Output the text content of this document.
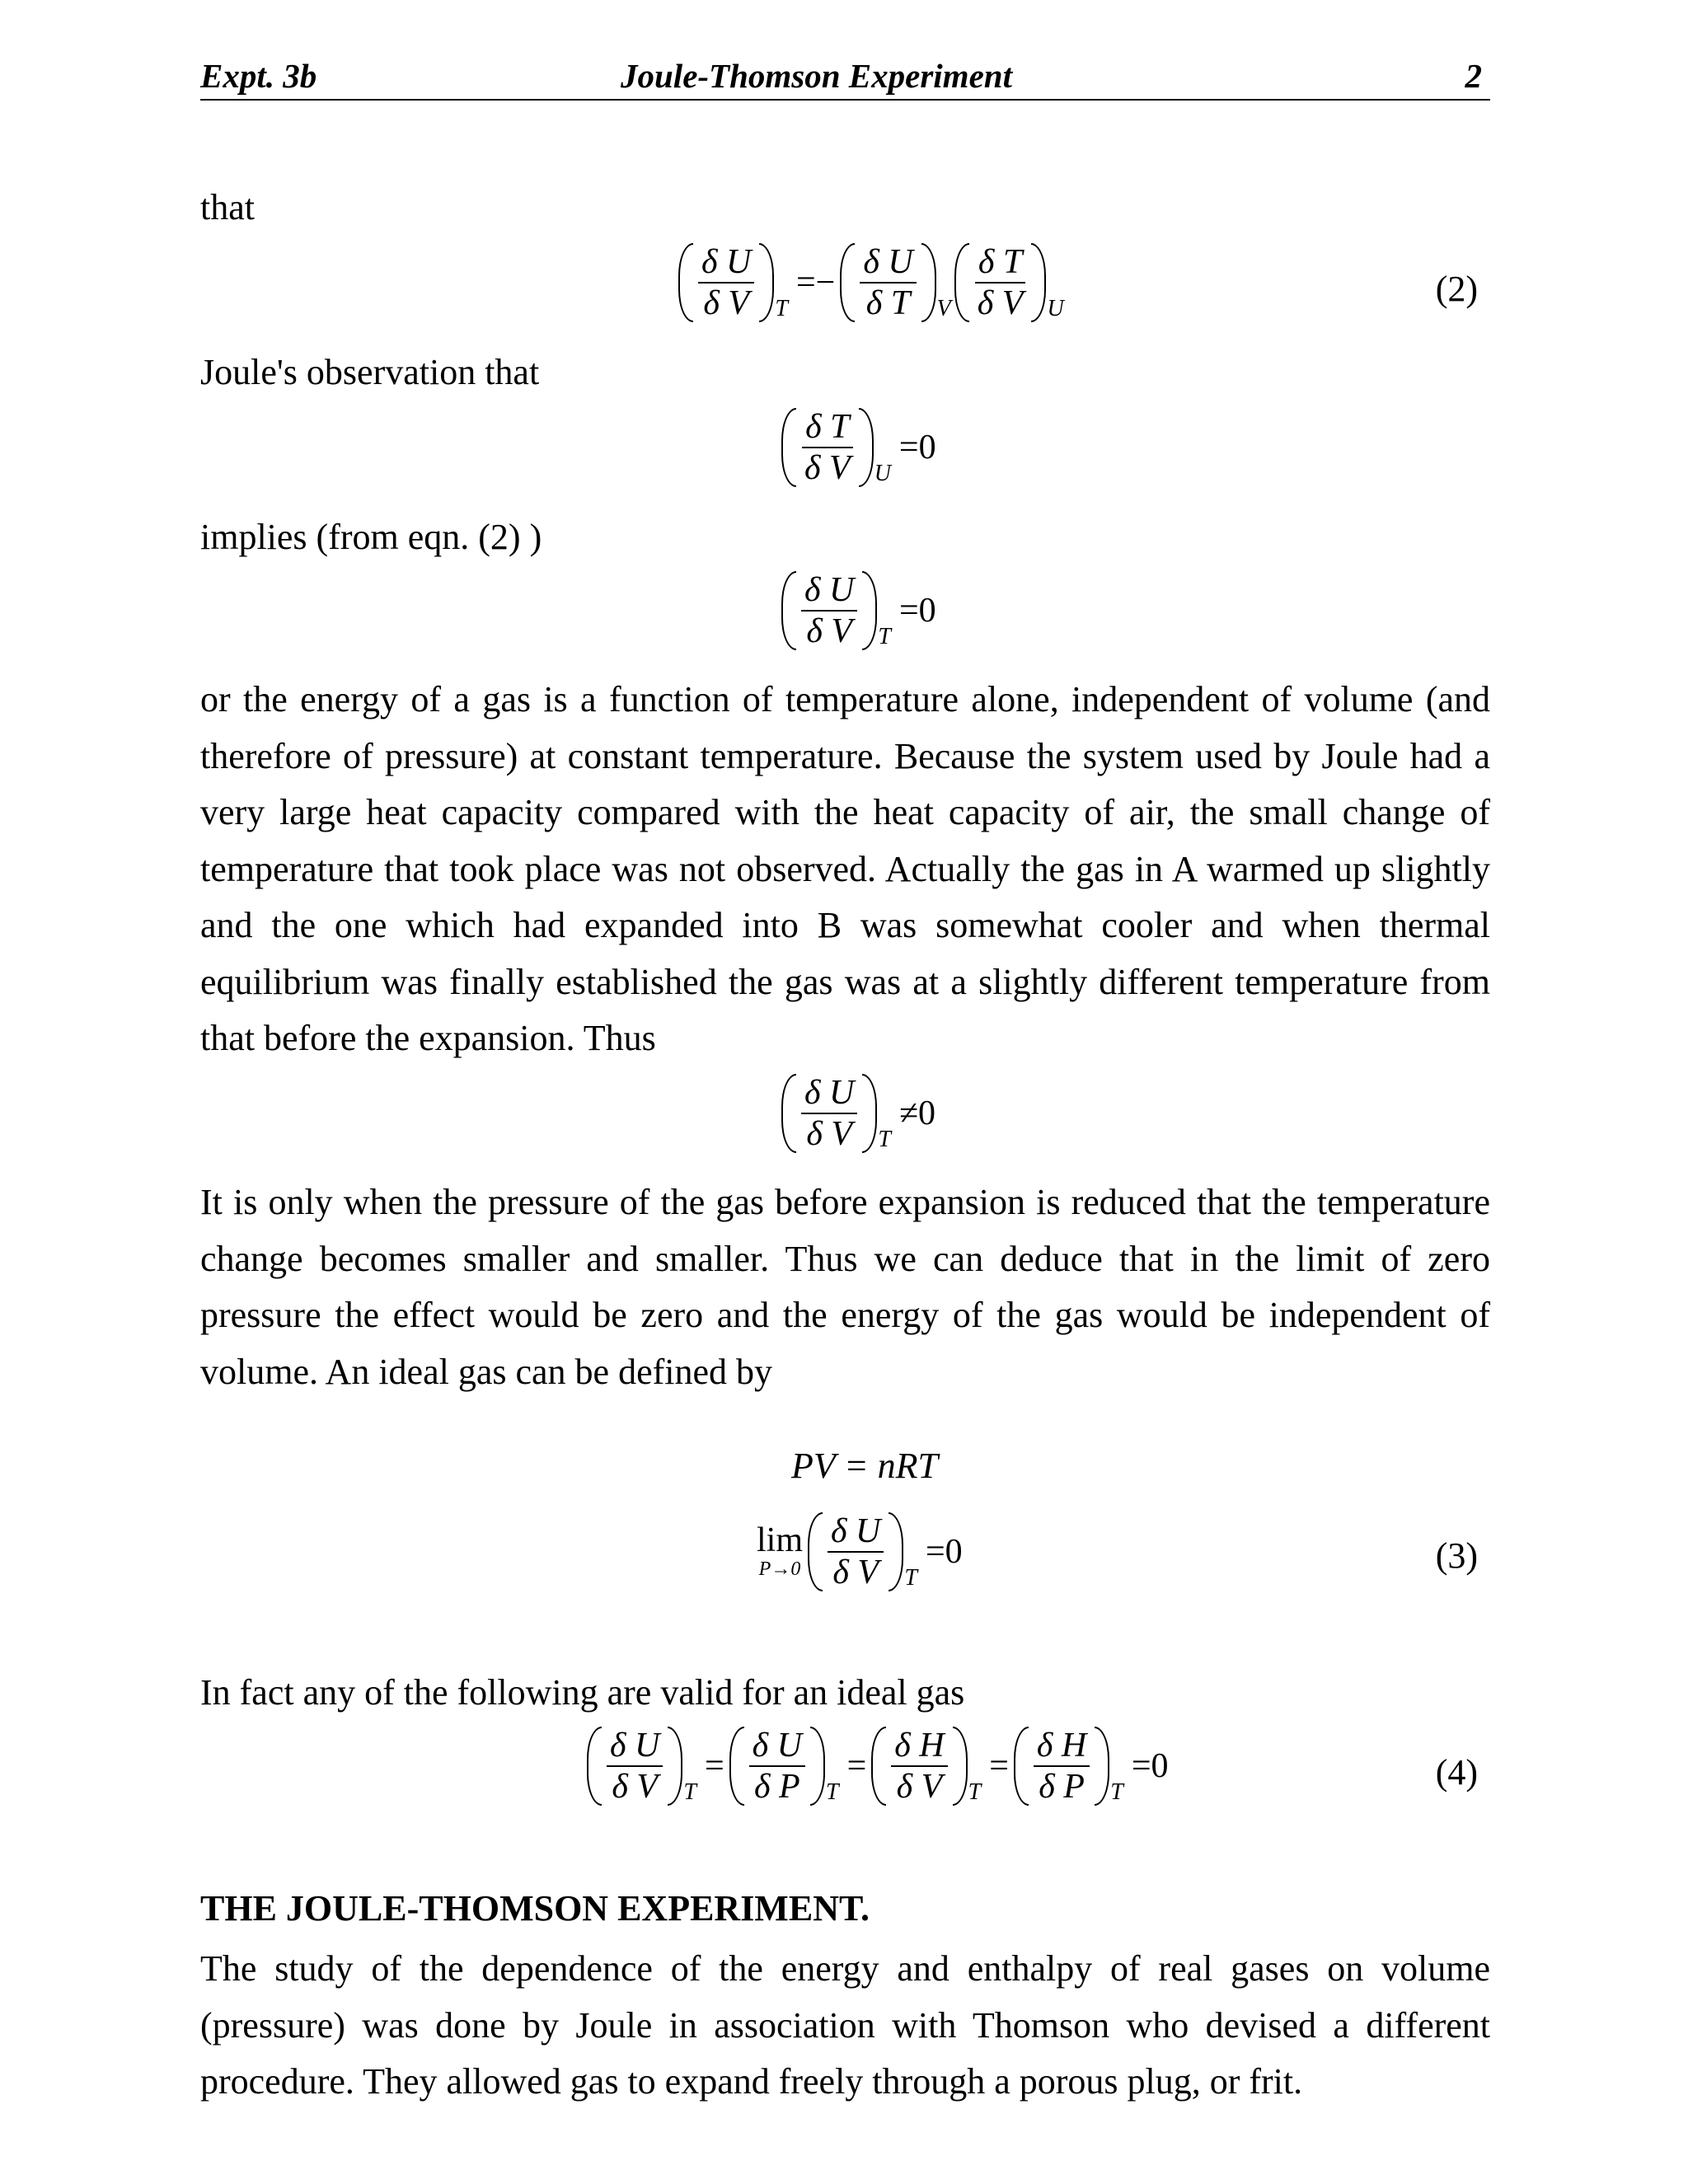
Expt. 3b	Joule-Thomson Experiment	2
that
$\frac{\text{δ U}}{\text{δ V}}$ T
=− $\frac{\text{δ U}}{\text{δ T}}$ V $\frac{\text{δ T}}{\text{δ V}}$ U	(2)
Joule's observation that
$\frac{\text{δ T}}{\text{δ V}}$ U
=0
implies (from eqn. (2) )
$\frac{\text{δ U}}{\text{δ V}}$ T
=0
or the energy of a gas is a function of temperature alone, independent of volume (and therefore of pressure) at constant temperature. Because the system used by Joule had a very large heat capacity compared with the heat capacity of air, the small change of temperature that took place was not observed. Actually the gas in A warmed up slightly and the one which had expanded into B was somewhat cooler and when thermal equilibrium was finally established the gas was at a slightly different temperature from that before the expansion. Thus
$\frac{\text{δ U}}{\text{δ V}}$ T
≠0
It is only when the pressure of the gas before expansion is reduced that the temperature change becomes smaller and smaller. Thus we can deduce that in the limit of zero pressure the effect would be zero and the energy of the gas would be independent of volume. An ideal gas can be defined by
PV = nRT
lim
$P\to 0 \frac{\text{δ U}}{\text{δ V}}$ T
=0	(3)
In fact any of the following are valid for an ideal gas
$\frac{\text{δ U}}{\text{δ V}}$ T
= $\frac{\text{δ U}}{\text{δ P}}$ T
= $\frac{\text{δ H}}{\text{δ V}}$ T
= $\frac{\text{δ H}}{\text{δ P}}$ T
=0	(4)
THE JOULE-THOMSON EXPERIMENT.
The study of the dependence of the energy and enthalpy of real gases on volume (pressure) was done by Joule in association with Thomson who devised a different procedure. They allowed gas to expand freely through a porous plug, or frit.
